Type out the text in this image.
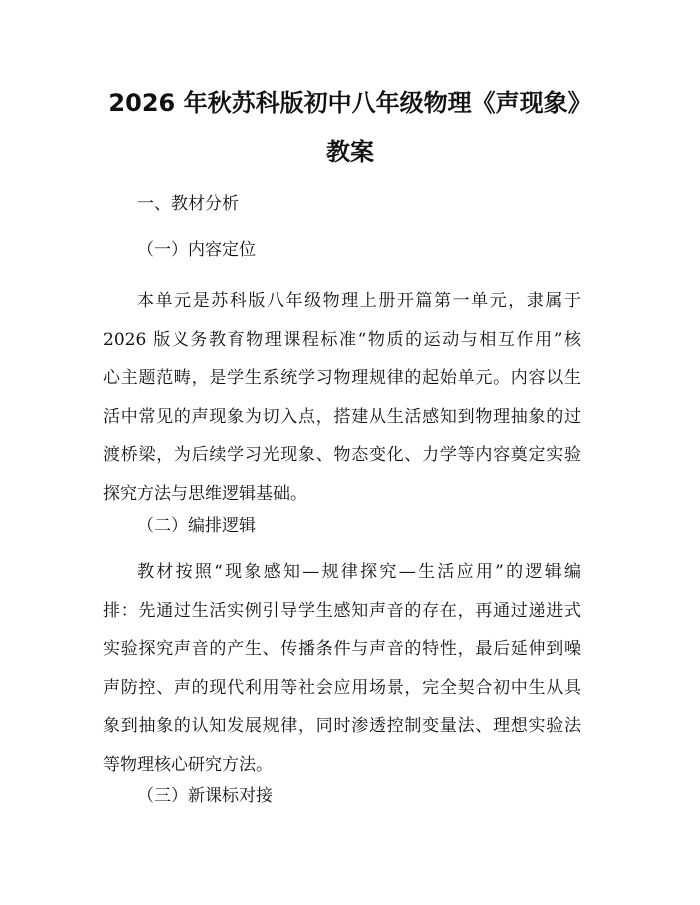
2026 年秋苏科版初中八年级物理《声现象》
教案

一、教材分析

（一）内容定位

本单元是苏科版八年级物理上册开篇第一单元，隶属于
2026 版义务教育物理课程标准“物质的运动与相互作用”核
心主题范畴，是学生系统学习物理规律的起始单元。内容以生
活中常见的声现象为切入点，搭建从生活感知到物理抽象的过
渡桥梁，为后续学习光现象、物态变化、力学等内容奠定实验
探究方法与思维逻辑基础。

（二）编排逻辑

教材按照“现象感知—规律探究—生活应用”的逻辑编
排：先通过生活实例引导学生感知声音的存在，再通过递进式
实验探究声音的产生、传播条件与声音的特性，最后延伸到噪
声防控、声的现代利用等社会应用场景，完全契合初中生从具
象到抽象的认知发展规律，同时渗透控制变量法、理想实验法
等物理核心研究方法。

（三）新课标对接
